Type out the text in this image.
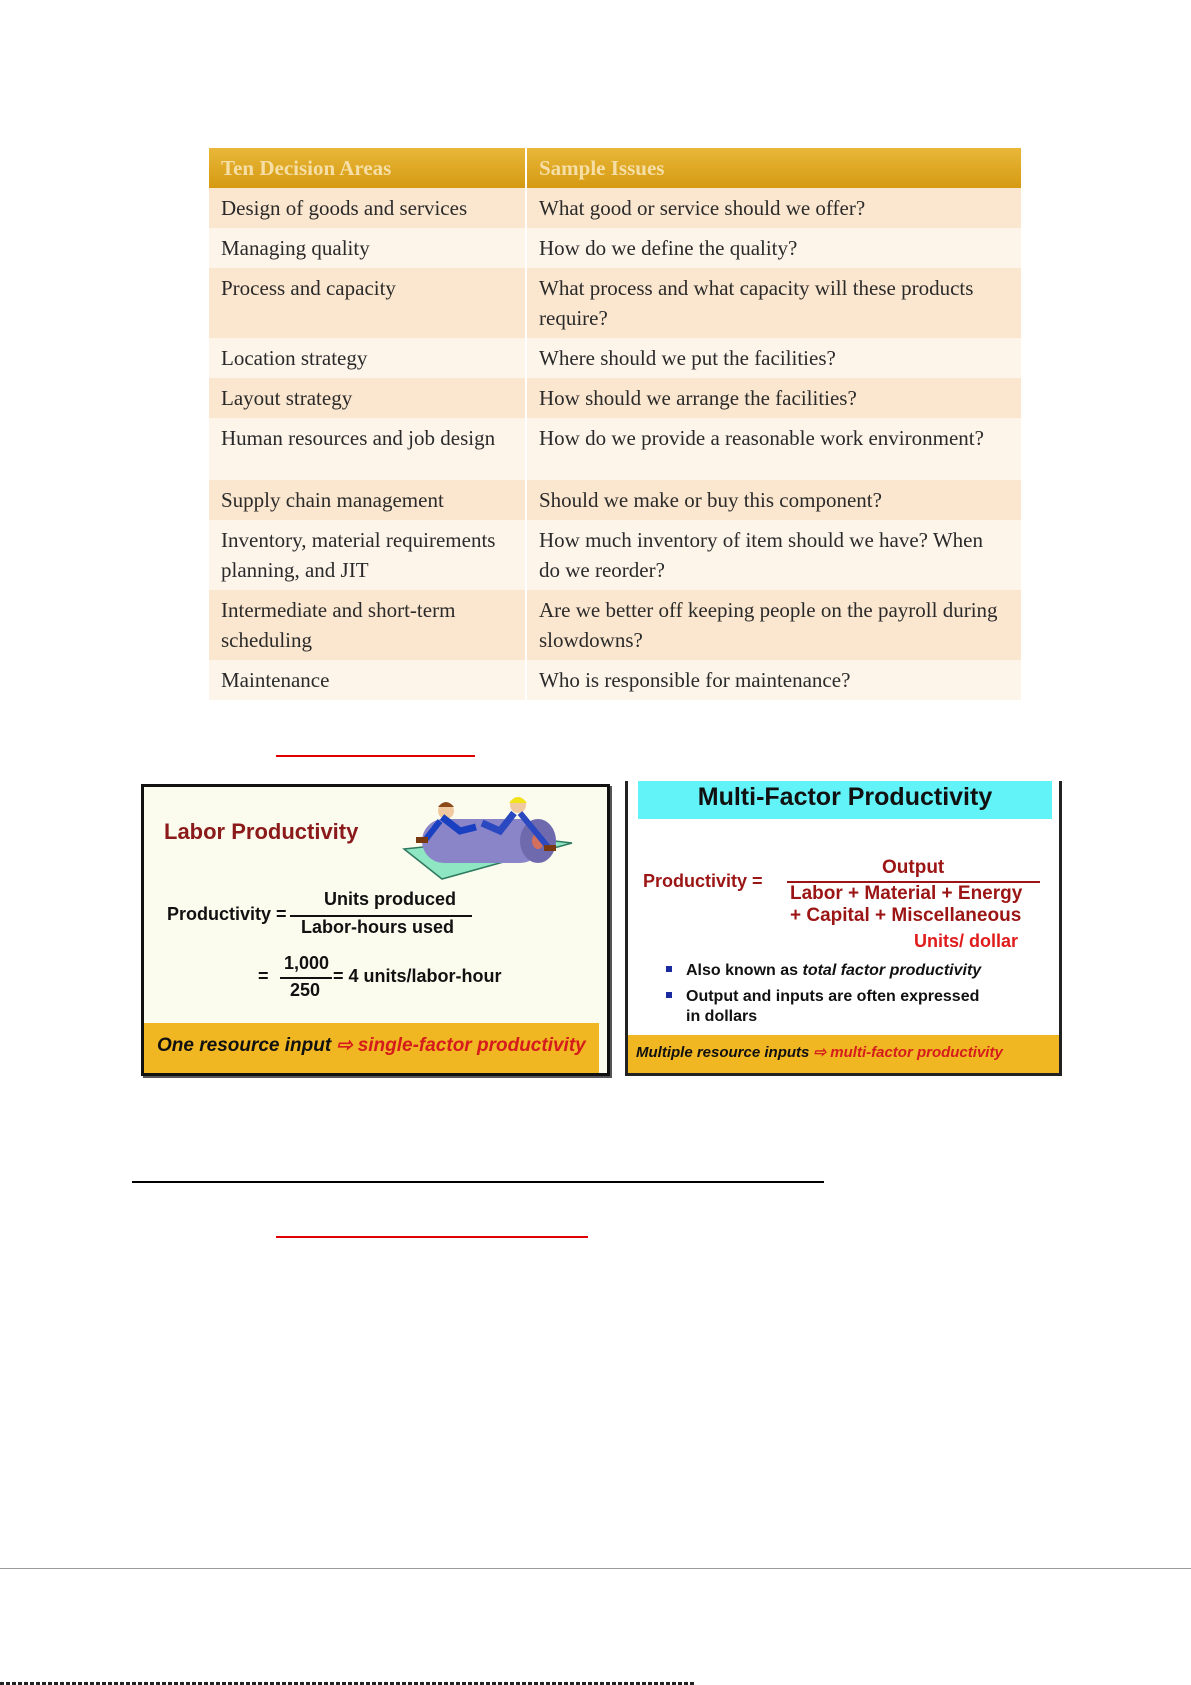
Ten Decision Areas	Sample Issues
Design of goods and services	What good or service should we offer?
Managing quality	How do we define the quality?
Process and capacity	What process and what capacity will these products require?
Location strategy	Where should we put the facilities?
Layout strategy	How should we arrange the facilities?
Human resources and job design	How do we provide a reasonable work environment?
Supply chain management	Should we make or buy this component?
Inventory, material requirements planning, and JIT	How much inventory of item should we have? When do we reorder?
Intermediate and short-term scheduling	Are we better off keeping people on the payroll during slowdowns?
Maintenance	Who is responsible for maintenance?
Labor Productivity
Productivity =
Units produced
Labor-hours used
=
1,000
250
= 4 units/labor-hour
One resource input ⇨ single-factor productivity
Multi-Factor Productivity
Productivity =
Output
Labor + Material + Energy
+ Capital + Miscellaneous
Units/ dollar
Also known as total factor productivity
Output and inputs are often expressed
in dollars
Multiple resource inputs ⇨ multi-factor productivity
